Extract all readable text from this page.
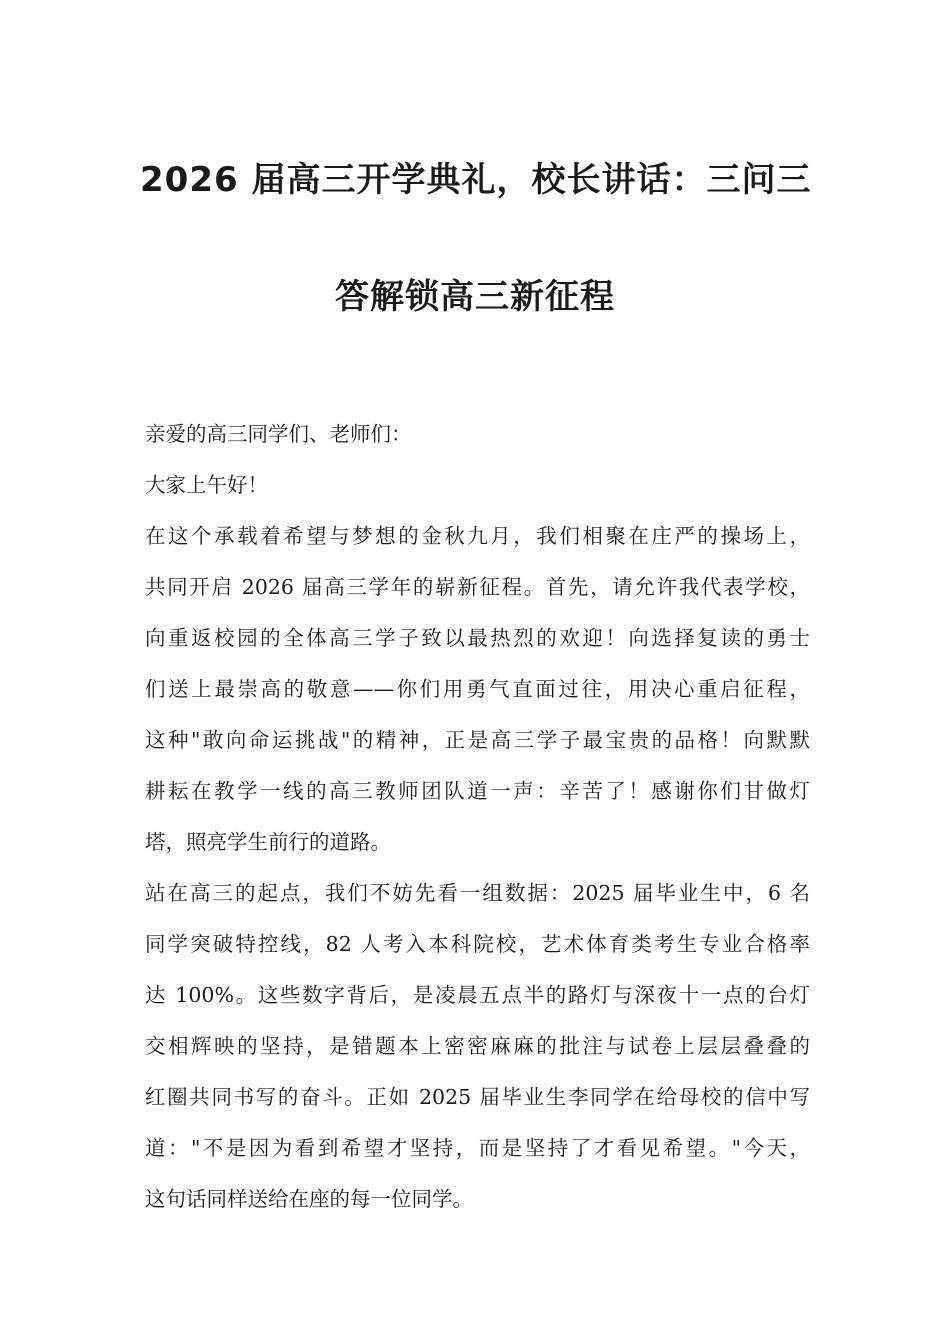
2026 届高三开学典礼，校长讲话：三问三
答解锁高三新征程
亲爱的高三同学们、老师们：
大家上午好！
在这个承载着希望与梦想的金秋九月，我们相聚在庄严的操场上，
共同开启 2026 届高三学年的崭新征程。首先，请允许我代表学校，
向重返校园的全体高三学子致以最热烈的欢迎！向选择复读的勇士
们送上最崇高的敬意——你们用勇气直面过往，用决心重启征程，
这种"敢向命运挑战"的精神，正是高三学子最宝贵的品格！向默默
耕耘在教学一线的高三教师团队道一声：辛苦了！感谢你们甘做灯
塔，照亮学生前行的道路。
站在高三的起点，我们不妨先看一组数据：2025 届毕业生中，6 名
同学突破特控线，82 人考入本科院校，艺术体育类考生专业合格率
达 100%。这些数字背后，是凌晨五点半的路灯与深夜十一点的台灯
交相辉映的坚持，是错题本上密密麻麻的批注与试卷上层层叠叠的
红圈共同书写的奋斗。正如 2025 届毕业生李同学在给母校的信中写
道："不是因为看到希望才坚持，而是坚持了才看见希望。"今天，
这句话同样送给在座的每一位同学。
